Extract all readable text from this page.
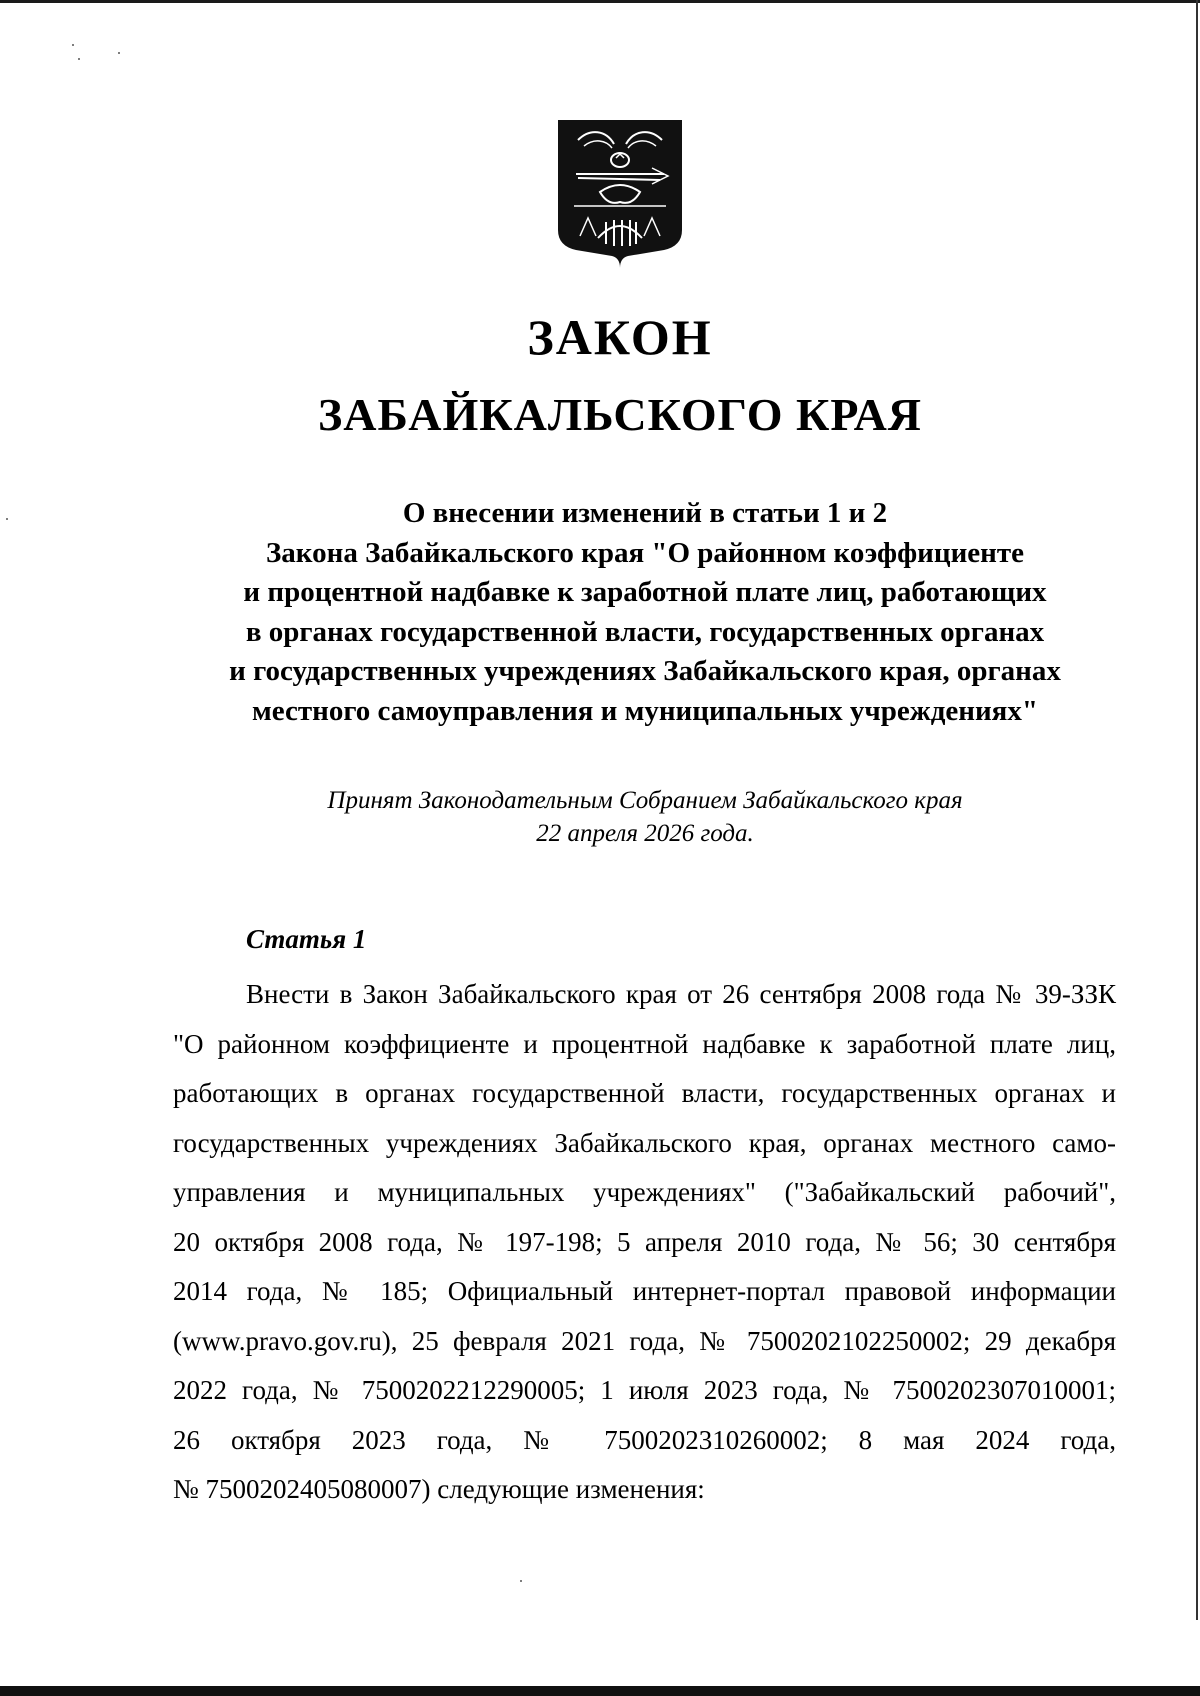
ЗАКОН
ЗАБАЙКАЛЬСКОГО КРАЯ
О внесении изменений в статьи 1 и 2
Закона Забайкальского края "О районном коэффициенте
и процентной надбавке к заработной плате лиц, работающих
в органах государственной власти, государственных органах
и государственных учреждениях Забайкальского края, органах
местного самоуправления и муниципальных учреждениях"
Принят Законодательным Собранием Забайкальского края
22 апреля 2026 года.
Статья 1
Внести в Закон Забайкальского края от 26 сентября 2008 года № 39-ЗЗК
"О районном коэффициенте и процентной надбавке к заработной плате лиц,
работающих в органах государственной власти, государственных органах и
государственных учреждениях Забайкальского края, органах местного само-
управления и муниципальных учреждениях" ("Забайкальский рабочий",
20 октября 2008 года, № 197-198; 5 апреля 2010 года, № 56; 30 сентября
2014 года, № 185; Официальный интернет-портал правовой информации
(www.pravo.gov.ru), 25 февраля 2021 года, № 7500202102250002; 29 декабря
2022 года, № 7500202212290005; 1 июля 2023 года, № 7500202307010001;
26 октября 2023 года, № 7500202310260002; 8 мая 2024 года,
№ 7500202405080007) следующие изменения:
